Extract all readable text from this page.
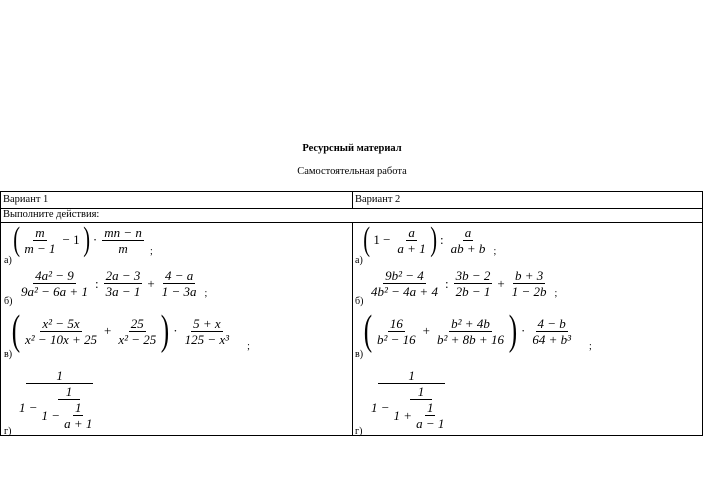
Ресурсный материал
Самостоятельная работа
Вариант 1	Вариант 2
Выполните действия:
а)
б)
в)
г)
а)
б)
в)
г)
( $\frac{m}{m - 1} - 1$ ) · $\frac{mn - n}{m}$ ;
$\frac{\text{4a² − 9}}{\text{9a² − 6a + 1}}$ : $\frac{2a - 3}{3a - 1} + \frac{4 - a}{1 - 3a}$ ;
( $\frac{\text{x² − 5x}}{\text{x² − 10x + 25}} + \frac{25}{\text{x² − 25}}$ ) · $\frac{5 + x}{\text{125 − x³}}$ ;
$\frac{1}{1 - \frac{1}{1 - \frac{1}{a + 1}}}$
( $1 - \frac{a}{a + 1}$ ) : $\frac{a}{ab + b}$ ;
$\frac{\text{9b² − 4}}{\text{4b² − 4a + 4}}$ : $\frac{3b - 2}{2b - 1} + \frac{b + 3}{1 - 2b}$ ;
( $\frac{16}{\text{b² − 16}} + \frac{\text{b² + 4b}}{\text{b² + 8b + 16}}$ ) · $\frac{4 - b}{\text{64 + b³}}$ ;
$\frac{1}{1 - \frac{1}{1 + \frac{1}{a - 1}}}$
